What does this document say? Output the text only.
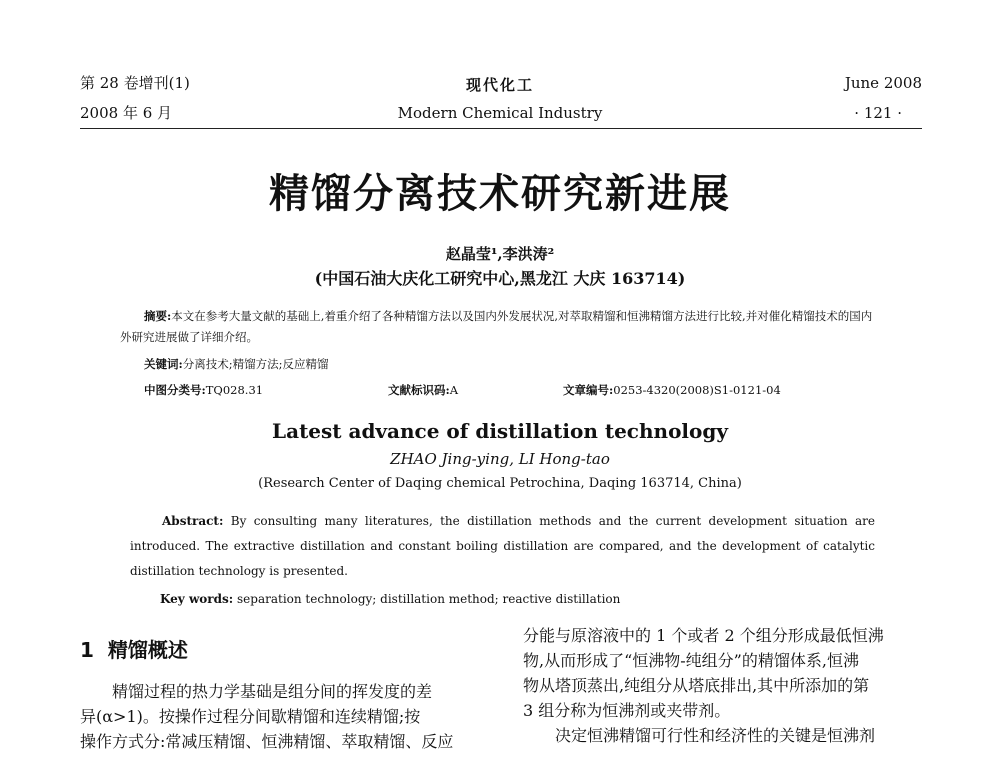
第 28 卷增刊(1)
2008 年 6 月
现代化工
Modern Chemical Industry
June 2008
· 121 ·
精馏分离技术研究新进展
赵晶莹¹,李洪涛²
(中国石油大庆化工研究中心,黑龙江 大庆 163714)
摘要:本文在参考大量文献的基础上,着重介绍了各种精馏方法以及国内外发展状况,对萃取精馏和恒沸精馏方法进行比较,并对催化精馏技术的国内外研究进展做了详细介绍。
关键词:分离技术;精馏方法;反应精馏
中图分类号:TQ028.31	文献标识码:A	文章编号:0253-4320(2008)S1-0121-04
Latest advance of distillation technology
ZHAO Jing-ying, LI Hong-tao
(Research Center of Daqing chemical Petrochina, Daqing 163714, China)
Abstract: By consulting many literatures, the distillation methods and the current development situation are introduced. The extractive distillation and constant boiling distillation are compared, and the development of catalytic distillation technology is presented.
Key words: separation technology; distillation method; reactive distillation
1 精馏概述
精馏过程的热力学基础是组分间的挥发度的差
异(α>1)。按操作过程分间歇精馏和连续精馏;按
操作方式分:常减压精馏、恒沸精馏、萃取精馏、反应
分能与原溶液中的 1 个或者 2 个组分形成最低恒沸
物,从而形成了“恒沸物-纯组分”的精馏体系,恒沸
物从塔顶蒸出,纯组分从塔底排出,其中所添加的第
3 组分称为恒沸剂或夹带剂。
决定恒沸精馏可行性和经济性的关键是恒沸剂
